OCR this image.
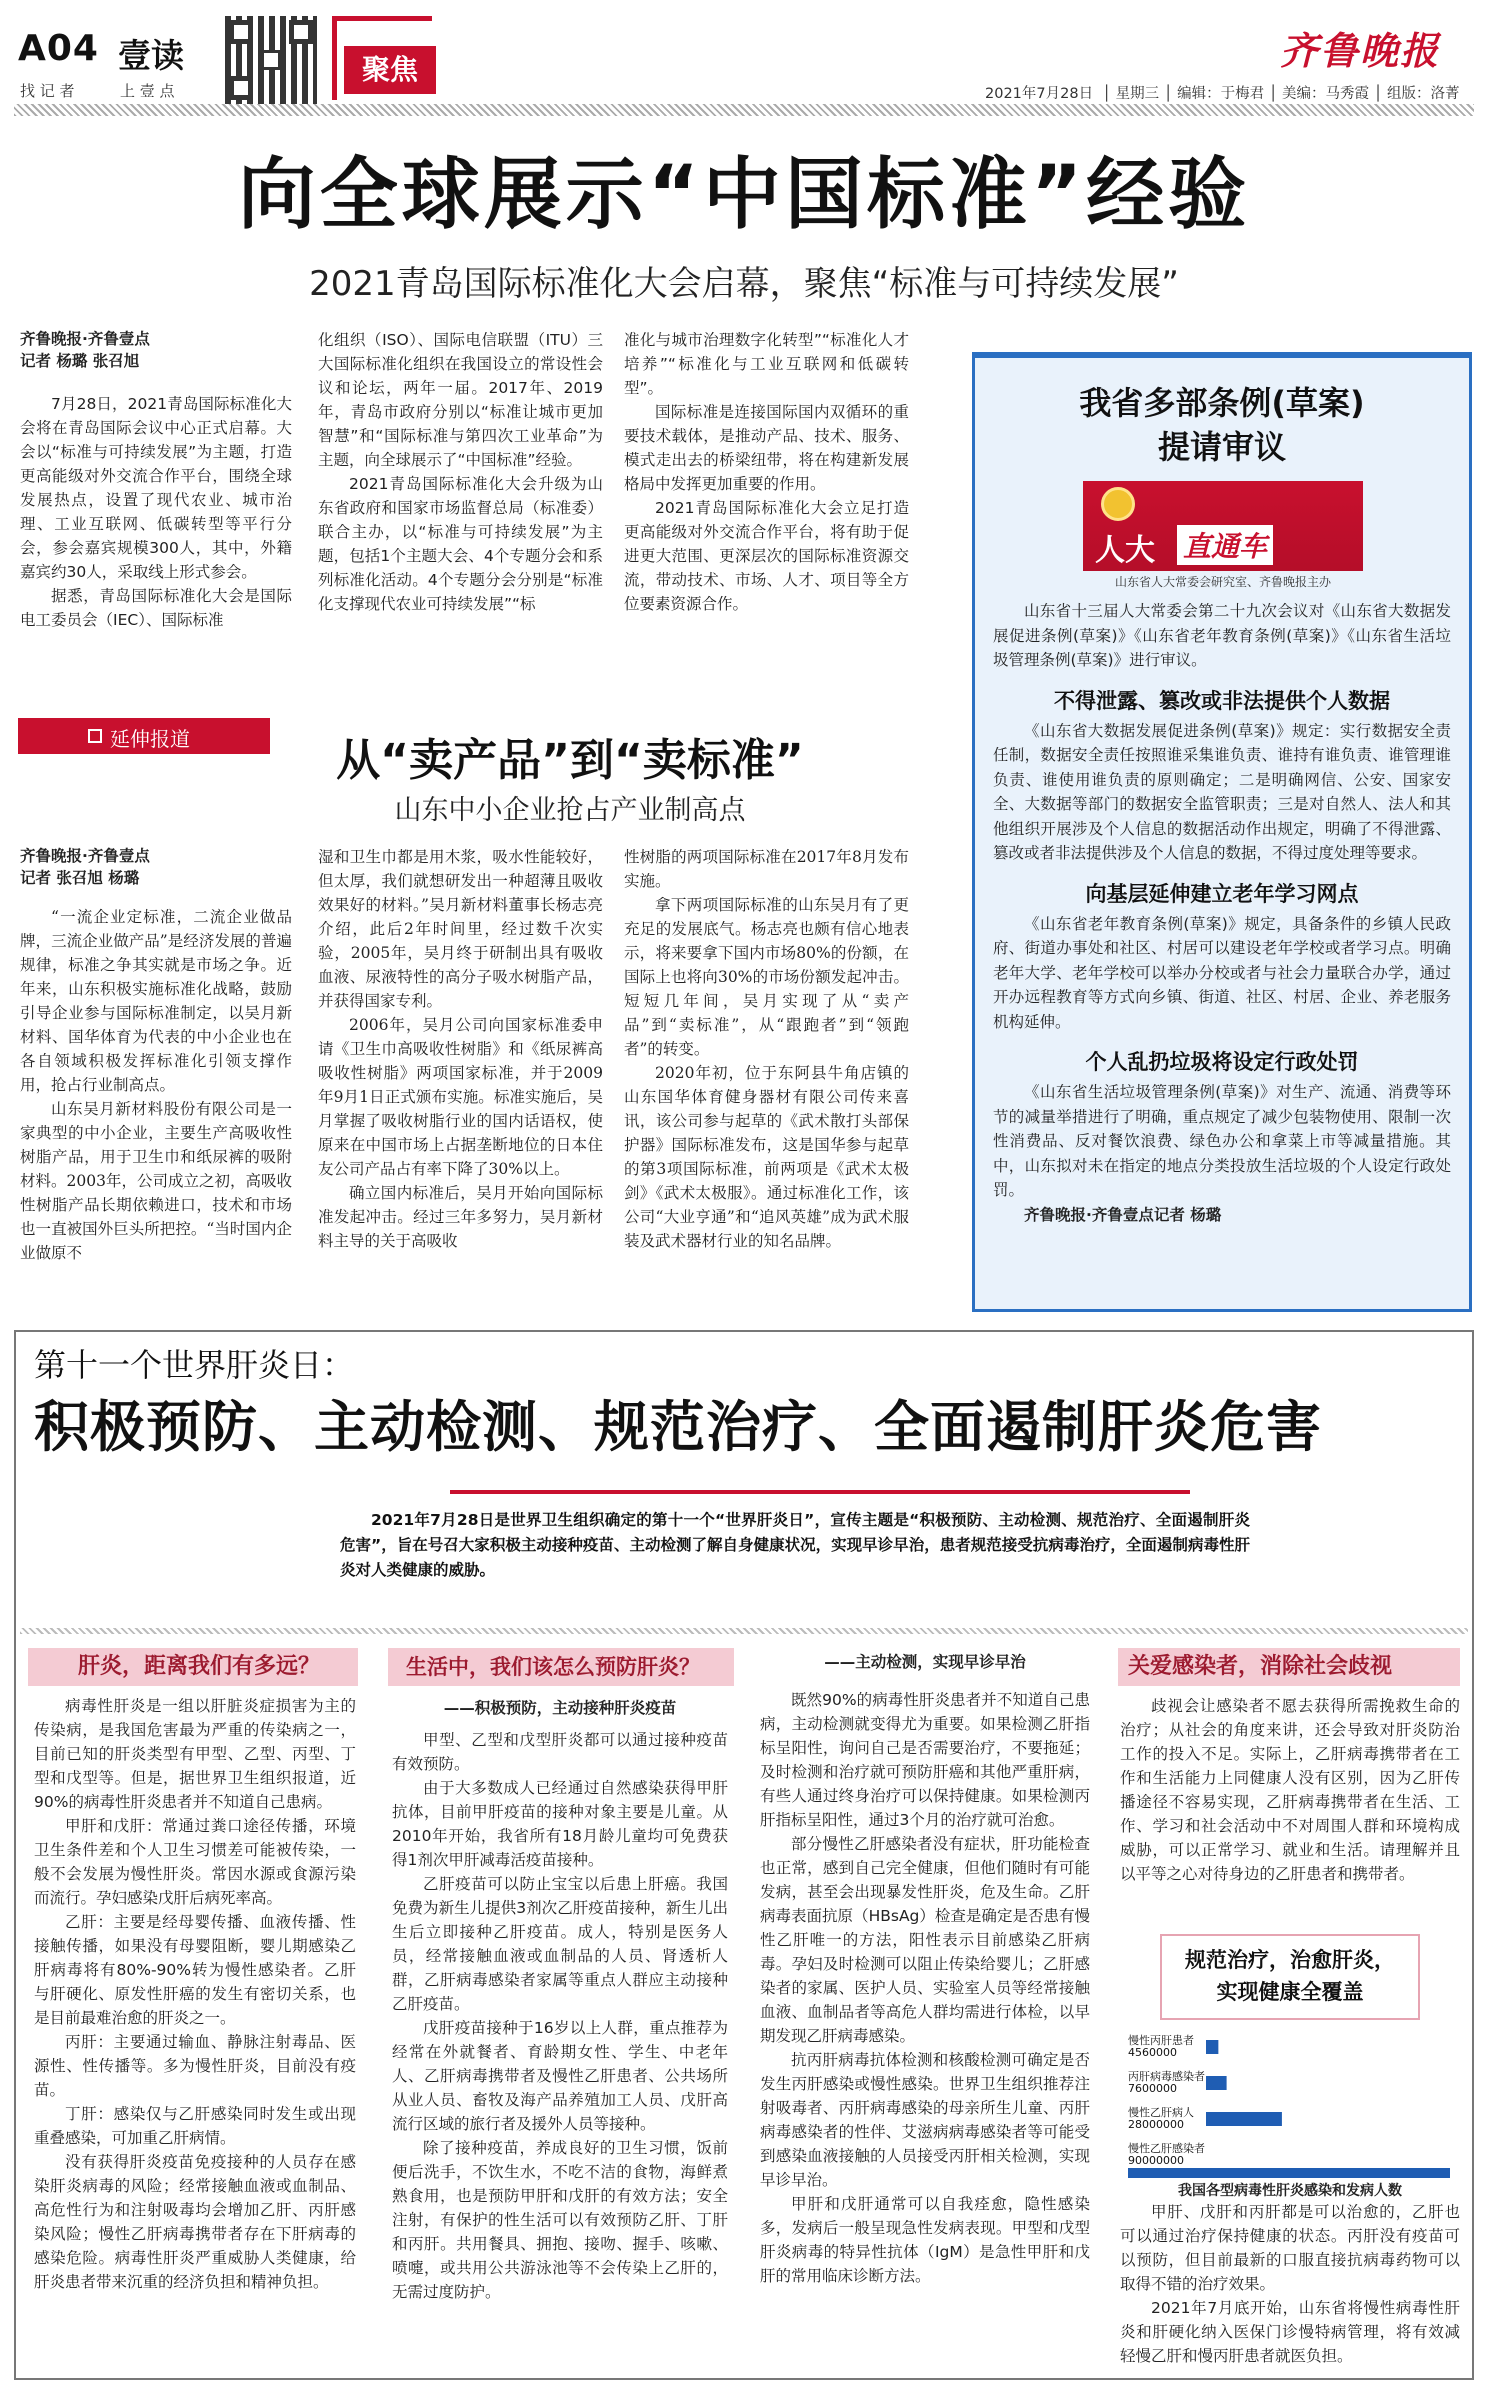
A04 壹读
找 记 者	上 壹 点
聚焦	齐鲁晚报
2021年7月28日  │ 星期三 │ 编辑：于梅君 │ 美编：马秀霞 │ 组版：洛菁
向全球展示“中国标准”经验
2021青岛国际标准化大会启幕，聚焦“标准与可持续发展”
齐鲁晚报·齐鲁壹点
记者 杨璐 张召旭

7月28日，2021青岛国际标准化大会将在青岛国际会议中心正式启幕。大会以“标准与可持续发展”为主题，打造更高能级对外交流合作平台，围绕全球发展热点，设置了现代农业、城市治理、工业互联网、低碳转型等平行分会，参会嘉宾规模300人，其中，外籍嘉宾约30人，采取线上形式参会。

据悉，青岛国际标准化大会是国际电工委员会（IEC）、国际标准

化组织（ISO）、国际电信联盟（ITU）三大国际标准化组织在我国设立的常设性会议和论坛，两年一届。2017年、2019年，青岛市政府分别以“标准让城市更加智慧”和“国际标准与第四次工业革命”为主题，向全球展示了“中国标准”经验。

2021青岛国际标准化大会升级为山东省政府和国家市场监督总局（标准委）联合主办，以“标准与可持续发展”为主题，包括1个主题大会、4个专题分会和系列标准化活动。4个专题分会分别是“标准化支撑现代农业可持续发展”“标

准化与城市治理数字化转型”“标准化人才培养”“标准化与工业互联网和低碳转型”。

国际标准是连接国际国内双循环的重要技术载体，是推动产品、技术、服务、模式走出去的桥梁纽带，将在构建新发展格局中发挥更加重要的作用。

2021青岛国际标准化大会立足打造更高能级对外交流合作平台，将有助于促进更大范围、更深层次的国际标准资源交流，带动技术、市场、人才、项目等全方位要素资源合作。

延伸报道	从“卖产品”到“卖标准”
山东中小企业抢占产业制高点
齐鲁晚报·齐鲁壹点
记者 张召旭 杨璐

“一流企业定标准，二流企业做品牌，三流企业做产品”是经济发展的普遍规律，标准之争其实就是市场之争。近年来，山东积极实施标准化战略，鼓励引导企业参与国际标准制定，以吴月新材料、国华体育为代表的中小企业也在各自领域积极发挥标准化引领支撑作用，抢占行业制高点。

山东吴月新材料股份有限公司是一家典型的中小企业，主要生产高吸收性树脂产品，用于卫生巾和纸尿裤的吸附材料。2003年，公司成立之初，高吸收性树脂产品长期依赖进口，技术和市场也一直被国外巨头所把控。“当时国内企业做原不

湿和卫生巾都是用木浆，吸水性能较好，但太厚，我们就想研发出一种超薄且吸收效果好的材料。”吴月新材料董事长杨志亮介绍，此后2年时间里，经过数千次实验，2005年，吴月终于研制出具有吸收血液、尿液特性的高分子吸水树脂产品，并获得国家专利。

2006年，吴月公司向国家标准委申请《卫生巾高吸收性树脂》和《纸尿裤高吸收性树脂》两项国家标准，并于2009年9月1日正式颁布实施。标准实施后，吴月掌握了吸收树脂行业的国内话语权，使原来在中国市场上占据垄断地位的日本住友公司产品占有率下降了30%以上。

确立国内标准后，吴月开始向国际标准发起冲击。经过三年多努力，吴月新材料主导的关于高吸收

性树脂的两项国际标准在2017年8月发布实施。

拿下两项国际标准的山东吴月有了更充足的发展底气。杨志亮也颇有信心地表示，将来要拿下国内市场80%的份额，在国际上也将向30%的市场份额发起冲击。短短几年间，吴月实现了从“卖产品”到“卖标准”，从“跟跑者”到“领跑者”的转变。

2020年初，位于东阿县牛角店镇的山东国华体育健身器材有限公司传来喜讯，该公司参与起草的《武术散打头部保护器》国际标准发布，这是国华参与起草的第3项国际标准，前两项是《武术太极剑》《武术太极服》。通过标准化工作，该公司“大业亨通”和“追风英雄”成为武术服装及武术器材行业的知名品牌。

我省多部条例(草案)
提请审议
人大 直通车
山东省人大常委会研究室、齐鲁晚报主办

山东省十三届人大常委会第二十九次会议对《山东省大数据发展促进条例(草案)》《山东省老年教育条例(草案)》《山东省生活垃圾管理条例(草案)》进行审议。

不得泄露、篡改或非法提供个人数据

《山东省大数据发展促进条例(草案)》规定：实行数据安全责任制，数据安全责任按照谁采集谁负责、谁持有谁负责、谁管理谁负责、谁使用谁负责的原则确定；二是明确网信、公安、国家安全、大数据等部门的数据安全监管职责；三是对自然人、法人和其他组织开展涉及个人信息的数据活动作出规定，明确了不得泄露、篡改或者非法提供涉及个人信息的数据，不得过度处理等要求。

向基层延伸建立老年学习网点

《山东省老年教育条例(草案)》规定，具备条件的乡镇人民政府、街道办事处和社区、村居可以建设老年学校或者学习点。明确老年大学、老年学校可以举办分校或者与社会力量联合办学，通过开办远程教育等方式向乡镇、街道、社区、村居、企业、养老服务机构延伸。

个人乱扔垃圾将设定行政处罚

《山东省生活垃圾管理条例(草案)》对生产、流通、消费等环节的减量举措进行了明确，重点规定了减少包装物使用、限制一次性消费品、反对餐饮浪费、绿色办公和拿菜上市等减量措施。其中，山东拟对未在指定的地点分类投放生活垃圾的个人设定行政处罚。

齐鲁晚报·齐鲁壹点记者 杨璐

第十一个世界肝炎日：
积极预防、主动检测、规范治疗、全面遏制肝炎危害
2021年7月28日是世界卫生组织确定的第十一个“世界肝炎日”，宣传主题是“积极预防、主动检测、规范治疗、全面遏制肝炎危害”，旨在号召大家积极主动接种疫苗、主动检测了解自身健康状况，实现早诊早治，患者规范接受抗病毒治疗，全面遏制病毒性肝炎对人类健康的威胁。
肝炎，距离我们有多远？

病毒性肝炎是一组以肝脏炎症损害为主的传染病，是我国危害最为严重的传染病之一，目前已知的肝炎类型有甲型、乙型、丙型、丁型和戊型等。但是，据世界卫生组织报道，近90%的病毒性肝炎患者并不知道自己患病。

甲肝和戊肝：常通过粪口途径传播，环境卫生条件差和个人卫生习惯差可能被传染，一般不会发展为慢性肝炎。常因水源或食源污染而流行。孕妇感染戊肝后病死率高。

乙肝：主要是经母婴传播、血液传播、性接触传播，如果没有母婴阻断，婴儿期感染乙肝病毒将有80%-90%转为慢性感染者。乙肝与肝硬化、原发性肝癌的发生有密切关系，也是目前最难治愈的肝炎之一。

丙肝：主要通过输血、静脉注射毒品、医源性、性传播等。多为慢性肝炎，目前没有疫苗。

丁肝：感染仅与乙肝感染同时发生或出现重叠感染，可加重乙肝病情。

没有获得肝炎疫苗免疫接种的人员存在感染肝炎病毒的风险；经常接触血液或血制品、高危性行为和注射吸毒均会增加乙肝、丙肝感染风险；慢性乙肝病毒携带者存在下肝病毒的感染危险。病毒性肝炎严重威胁人类健康，给肝炎患者带来沉重的经济负担和精神负担。

生活中，我们该怎么预防肝炎？
——积极预防，主动接种肝炎疫苗

甲型、乙型和戊型肝炎都可以通过接种疫苗有效预防。

由于大多数成人已经通过自然感染获得甲肝抗体，目前甲肝疫苗的接种对象主要是儿童。从2010年开始，我省所有18月龄儿童均可免费获得1剂次甲肝减毒活疫苗接种。

乙肝疫苗可以防止宝宝以后患上肝癌。我国免费为新生儿提供3剂次乙肝疫苗接种，新生儿出生后立即接种乙肝疫苗。成人，特别是医务人员，经常接触血液或血制品的人员、肾透析人群，乙肝病毒感染者家属等重点人群应主动接种乙肝疫苗。

戊肝疫苗接种于16岁以上人群，重点推荐为经常在外就餐者、育龄期女性、学生、中老年人、乙肝病毒携带者及慢性乙肝患者、公共场所从业人员、畜牧及海产品养殖加工人员、戊肝高流行区域的旅行者及援外人员等接种。

除了接种疫苗，养成良好的卫生习惯，饭前便后洗手，不饮生水，不吃不洁的食物，海鲜煮熟食用，也是预防甲肝和戊肝的有效方法；安全注射，有保护的性生活可以有效预防乙肝、丁肝和丙肝。共用餐具、拥抱、接吻、握手、咳嗽、喷嚏，或共用公共游泳池等不会传染上乙肝的，无需过度防护。

——主动检测，实现早诊早治

既然90%的病毒性肝炎患者并不知道自己患病，主动检测就变得尤为重要。如果检测乙肝指标呈阳性，询问自己是否需要治疗，不要拖延；及时检测和治疗就可预防肝癌和其他严重肝病，有些人通过终身治疗可以保持健康。如果检测丙肝指标呈阳性，通过3个月的治疗就可治愈。

部分慢性乙肝感染者没有症状，肝功能检查也正常，感到自己完全健康，但他们随时有可能发病，甚至会出现暴发性肝炎，危及生命。乙肝病毒表面抗原（HBsAg）检查是确定是否患有慢性乙肝唯一的方法，阳性表示目前感染乙肝病毒。孕妇及时检测可以阻止传染给婴儿；乙肝感染者的家属、医护人员、实验室人员等经常接触血液、血制品者等高危人群均需进行体检，以早期发现乙肝病毒感染。

抗丙肝病毒抗体检测和核酸检测可确定是否发生丙肝感染或慢性感染。世界卫生组织推荐注射吸毒者、丙肝病毒感染的母亲所生儿童、丙肝病毒感染者的性伴、艾滋病病毒感染者等可能受到感染血液接触的人员接受丙肝相关检测，实现早诊早治。

甲肝和戊肝通常可以自我痊愈，隐性感染多，发病后一般呈现急性发病表现。甲型和戊型肝炎病毒的特异性抗体（IgM）是急性甲肝和戊肝的常用临床诊断方法。

关爱感染者，消除社会歧视

歧视会让感染者不愿去获得所需挽救生命的治疗；从社会的角度来讲，还会导致对肝炎防治工作的投入不足。实际上，乙肝病毒携带者在工作和生活能力上同健康人没有区别，因为乙肝传播途径不容易实现，乙肝病毒携带者在生活、工作、学习和社会活动中不对周围人群和环境构成威胁，可以正常学习、就业和生活。请理解并且以平等之心对待身边的乙肝患者和携带者。

规范治疗，治愈肝炎，
实现健康全覆盖
慢性丙肝患者
4560000
丙肝病毒感染者
7600000
慢性乙肝病人
28000000
慢性乙肝感染者
90000000
我国各型病毒性肝炎感染和发病人数

甲肝、戊肝和丙肝都是可以治愈的，乙肝也可以通过治疗保持健康的状态。丙肝没有疫苗可以预防，但目前最新的口服直接抗病毒药物可以取得不错的治疗效果。

2021年7月底开始，山东省将慢性病毒性肝炎和肝硬化纳入医保门诊慢特病管理，将有效减轻慢乙肝和慢丙肝患者就医负担。
